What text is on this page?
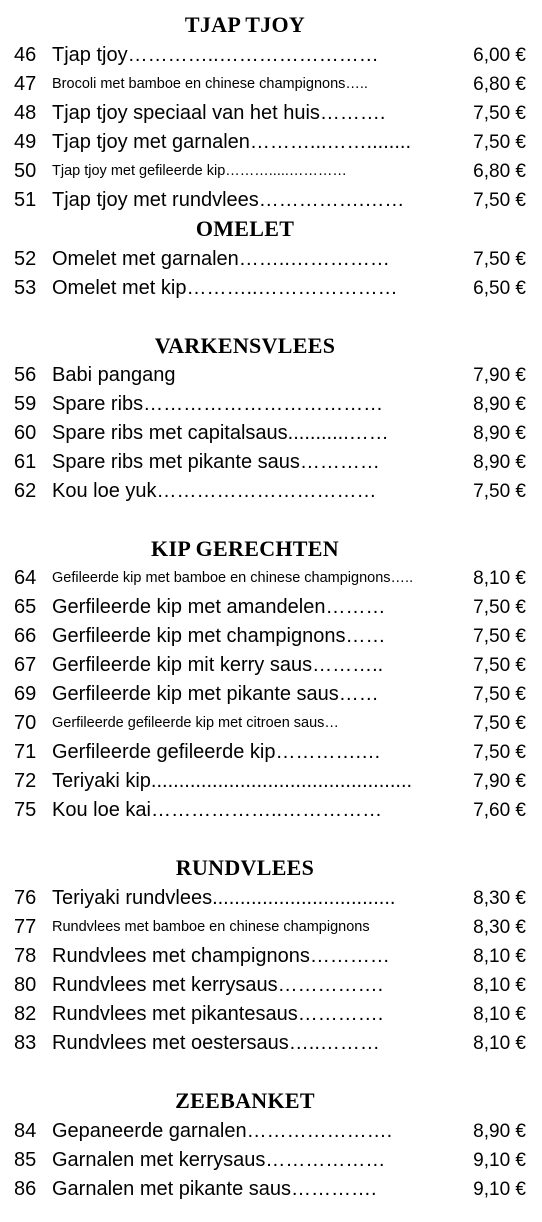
TJAP TJOY
46 Tjap tjoy…………..……………………	6,00 €
47 Brocoli met bamboe en chinese champignons…..	6,80 €
48 Tjap tjoy speciaal van het huis……….	7,50 €
49 Tjap tjoy met garnalen………...……........	7,50 €
50 Tjap tjoy met gefileerde kip……….....…………	6,80 €
51 Tjap tjoy met rundvlees…………….……	7,50 €
OMELET
52 Omelet met garnalen……..……………	7,50 €
53 Omelet met kip………..…………………	6,50 €
VARKENSVLEES
56 Babi pangang	7,90 €
59 Spare ribs………………………………	8,90 €
60 Spare ribs met capitalsaus...........……	8,90 €
61 Spare ribs met pikante saus…………	8,90 €
62 Kou loe yuk……………………………	7,50 €
KIP GERECHTEN
64 Gefileerde kip met bamboe en chinese champignons…..	8,10 €
65 Gerfileerde kip met amandelen………	7,50 €
66 Gerfileerde kip met champignons……	7,50 €
67 Gerfileerde kip mit kerry saus………..	7,50 €
69 Gerfileerde kip met pikante saus……	7,50 €
70 Gerfileerde gefileerde kip met citroen saus…	7,50 €
71 Gerfileerde gefileerde kip………….…	7,50 €
72 Teriyaki kip...............................................	7,90 €
75 Kou loe kai………………..……………	7,60 €
RUNDVLEES
76 Teriyaki rundvlees.................................	8,30 €
77 Rundvlees met bamboe en chinese champignons	8,30 €
78 Rundvlees met champignons…………	8,10 €
80 Rundvlees met kerrysaus…………….	8,10 €
82 Rundvlees met pikantesaus………….	8,10 €
83 Rundvlees met oestersaus…..………	8,10 €
ZEEBANKET
84 Gepaneerde garnalen………………….	8,90 €
85 Garnalen met kerrysaus………………	9,10 €
86 Garnalen met pikante saus………….	9,10 €
